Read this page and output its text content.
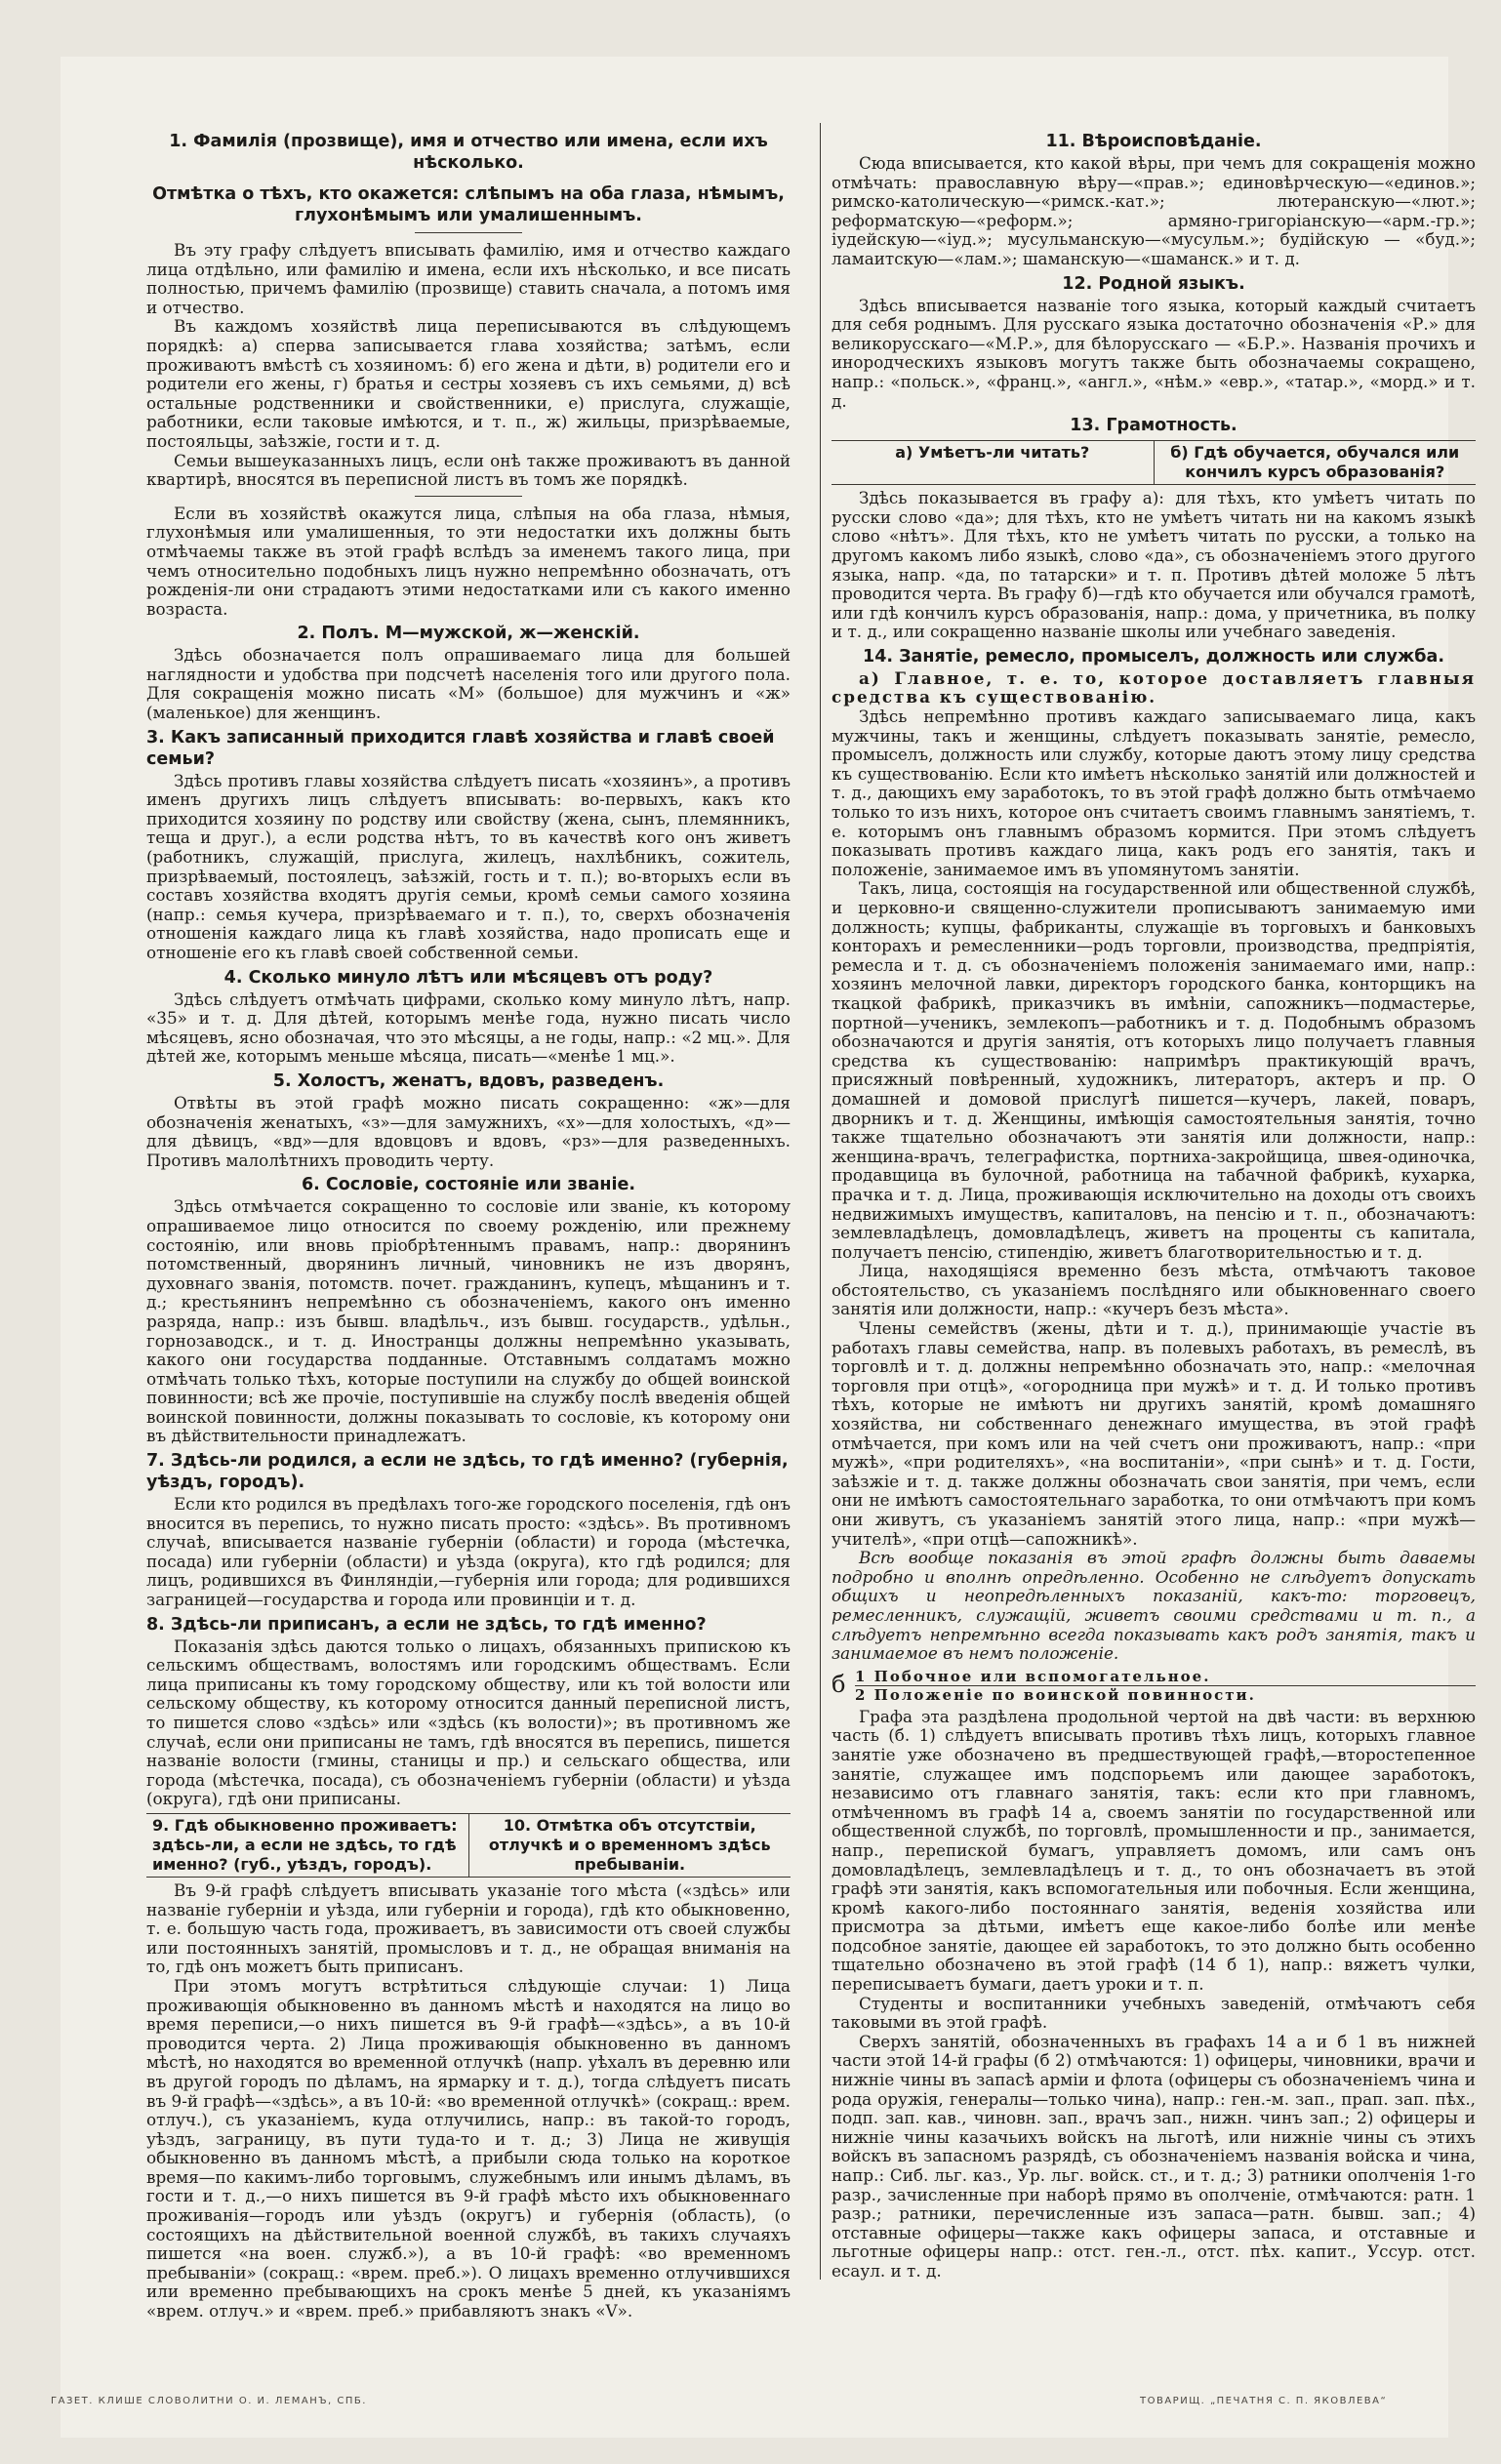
1. Фамилія (прозвище), имя и отчество или имена, если ихъ нѣсколько.
Отмѣтка о тѣхъ, кто окажется: слѣпымъ на оба глаза, нѣмымъ, глухонѣмымъ или умалишеннымъ.

Въ эту графу слѣдуетъ вписывать фамилію, имя и отчество каждаго лица отдѣльно, или фамилію и имена, если ихъ нѣсколько, и все писать полностью, причемъ фамилію (прозвище) ставить сначала, а потомъ имя и отчество.

Въ каждомъ хозяйствѣ лица переписываются въ слѣдующемъ порядкѣ: а) сперва записывается глава хозяйства; затѣмъ, если проживаютъ вмѣстѣ съ хозяиномъ: б) его жена и дѣти, в) родители его и родители его жены, г) братья и сестры хозяевъ съ ихъ семьями, д) всѣ остальные родственники и свойственники, е) прислуга, служащіе, работники, если таковые имѣются, и т. п., ж) жильцы, призрѣваемые, постояльцы, заѣзжіе, гости и т. д.

Семьи вышеуказанныхъ лицъ, если онѣ также проживаютъ въ данной квартирѣ, вносятся въ переписной листъ въ томъ же порядкѣ.

Если въ хозяйствѣ окажутся лица, слѣпыя на оба глаза, нѣмыя, глухонѣмыя или умалишенныя, то эти недостатки ихъ должны быть отмѣчаемы также въ этой графѣ вслѣдъ за именемъ такого лица, при чемъ относительно подобныхъ лицъ нужно непремѣнно обозначать, отъ рожденія-ли они страдаютъ этими недостатками или съ какого именно возраста.

2. Полъ. М—мужской, ж—женскій.

Здѣсь обозначается полъ опрашиваемаго лица для большей наглядности и удобства при подсчетѣ населенія того или другого пола. Для сокращенія можно писать «М» (большое) для мужчинъ и «ж» (маленькое) для женщинъ.

3. Какъ записанный приходится главѣ хозяйства и главѣ своей семьи?

Здѣсь противъ главы хозяйства слѣдуетъ писать «хозяинъ», а противъ именъ другихъ лицъ слѣдуетъ вписывать: во-первыхъ, какъ кто приходится хозяину по родству или свойству (жена, сынъ, племянникъ, теща и друг.), а если родства нѣтъ, то въ качествѣ кого онъ живетъ (работникъ, служащій, прислуга, жилецъ, нахлѣбникъ, сожитель, призрѣваемый, постоялецъ, заѣзжій, гость и т. п.); во-вторыхъ если въ составъ хозяйства входятъ другія семьи, кромѣ семьи самого хозяина (напр.: семья кучера, призрѣваемаго и т. п.), то, сверхъ обозначенія отношенія каждаго лица къ главѣ хозяйства, надо прописать еще и отношеніе его къ главѣ своей собственной семьи.

4. Сколько минуло лѣтъ или мѣсяцевъ отъ роду?

Здѣсь слѣдуетъ отмѣчать цифрами, сколько кому минуло лѣтъ, напр. «35» и т. д. Для дѣтей, которымъ менѣе года, нужно писать число мѣсяцевъ, ясно обозначая, что это мѣсяцы, а не годы, напр.: «2 мц.». Для дѣтей же, которымъ меньше мѣсяца, писать—«менѣе 1 мц.».

5. Холостъ, женатъ, вдовъ, разведенъ.

Отвѣты въ этой графѣ можно писать сокращенно: «ж»—для обозначенія женатыхъ, «з»—для замужнихъ, «х»—для холостыхъ, «д»—для дѣвицъ, «вд»—для вдовцовъ и вдовъ, «рз»—для разведенныхъ. Противъ малолѣтнихъ проводить черту.

6. Сословіе, состояніе или званіе.

Здѣсь отмѣчается сокращенно то сословіе или званіе, къ которому опрашиваемое лицо относится по своему рожденію, или прежнему состоянію, или вновь пріобрѣтеннымъ правамъ, напр.: дворянинъ потомственный, дворянинъ личный, чиновникъ не изъ дворянъ, духовнаго званія, потомств. почет. гражданинъ, купецъ, мѣщанинъ и т. д.; крестьянинъ непремѣнно съ обозначеніемъ, какого онъ именно разряда, напр.: изъ бывш. владѣльч., изъ бывш. государств., удѣльн., горнозаводск., и т. д. Иностранцы должны непремѣнно указывать, какого они государства подданные. Отставнымъ солдатамъ можно отмѣчать только тѣхъ, которые поступили на службу до общей воинской повинности; всѣ же прочіе, поступившіе на службу послѣ введенія общей воинской повинности, должны показывать то сословіе, къ которому они въ дѣйствительности принадлежатъ.

7. Здѣсь-ли родился, а если не здѣсь, то гдѣ именно? (губернія, уѣздъ, городъ).

Если кто родился въ предѣлахъ того-же городского поселенія, гдѣ онъ вносится въ перепись, то нужно писать просто: «здѣсь». Въ противномъ случаѣ, вписывается названіе губерніи (области) и города (мѣстечка, посада) или губерніи (области) и уѣзда (округа), кто гдѣ родился; для лицъ, родившихся въ Финляндіи,—губернія или города; для родившихся заграницей—государства и города или провинціи и т. д.

8. Здѣсь-ли приписанъ, а если не здѣсь, то гдѣ именно?

Показанія здѣсь даются только о лицахъ, обязанныхъ припискою къ сельскимъ обществамъ, волостямъ или городскимъ обществамъ. Если лица приписаны къ тому городскому обществу, или къ той волости или сельскому обществу, къ которому относится данный переписной листъ, то пишется слово «здѣсь» или «здѣсь (къ волости)»; въ противномъ же случаѣ, если они приписаны не тамъ, гдѣ вносятся въ перепись, пишется названіе волости (гмины, станицы и пр.) и сельскаго общества, или города (мѣстечка, посада), съ обозначеніемъ губерніи (области) и уѣзда (округа), гдѣ они приписаны.

9. Гдѣ обыкновенно проживаетъ: здѣсь-ли, а если не здѣсь, то гдѣ именно? (губ., уѣздъ, городъ).
10. Отмѣтка объ отсутствіи, отлучкѣ и о временномъ здѣсь пребываніи.

Въ 9-й графѣ слѣдуетъ вписывать указаніе того мѣста («здѣсь» или названіе губерніи и уѣзда, или губерніи и города), гдѣ кто обыкновенно, т. е. большую часть года, проживаетъ, въ зависимости отъ своей службы или постоянныхъ занятій, промысловъ и т. д., не обращая вниманія на то, гдѣ онъ можетъ быть приписанъ.

При этомъ могутъ встрѣтиться слѣдующіе случаи: 1) Лица проживающія обыкновенно въ данномъ мѣстѣ и находятся на лицо во время переписи,—о нихъ пишется въ 9-й графѣ—«здѣсь», а въ 10-й проводится черта. 2) Лица проживающія обыкновенно въ данномъ мѣстѣ, но находятся во временной отлучкѣ (напр. уѣхалъ въ деревню или въ другой городъ по дѣламъ, на ярмарку и т. д.), тогда слѣдуетъ писать въ 9-й графѣ—«здѣсь», а въ 10-й: «во временной отлучкѣ» (сокращ.: врем. отлуч.), съ указаніемъ, куда отлучились, напр.: въ такой-то городъ, уѣздъ, заграницу, въ пути туда-то и т. д.; 3) Лица не живущія обыкновенно въ данномъ мѣстѣ, а прибыли сюда только на короткое время—по какимъ-либо торговымъ, служебнымъ или инымъ дѣламъ, въ гости и т. д.,—о нихъ пишется въ 9-й графѣ мѣсто ихъ обыкновеннаго проживанія—городъ или уѣздъ (округъ) и губернія (область), (о состоящихъ на дѣйствительной военной службѣ, въ такихъ случаяхъ пишется «на воен. служб.»), а въ 10-й графѣ: «во временномъ пребываніи» (сокращ.: «врем. преб.»). О лицахъ временно отлучившихся или временно пребывающихъ на срокъ менѣе 5 дней, къ указаніямъ «врем. отлуч.» и «врем. преб.» прибавляютъ знакъ «V».

11. Вѣроисповѣданіе.

Сюда вписывается, кто какой вѣры, при чемъ для сокращенія можно отмѣчать: православную вѣру—«прав.»; единовѣрческую—«единов.»; римско-католическую—«римск.-кат.»; лютеранскую—«лют.»; реформатскую—«реформ.»; армяно-григоріанскую—«арм.-гр.»; іудейскую—«іуд.»; мусульманскую—«мусульм.»; будійскую — «буд.»; ламаитскую—«лам.»; шаманскую—«шаманск.» и т. д.

12. Родной языкъ.

Здѣсь вписывается названіе того языка, который каждый считаетъ для себя роднымъ. Для русскаго языка достаточно обозначенія «Р.» для великорусскаго—«М.Р.», для бѣлорусскаго — «Б.Р.». Названія прочихъ и инородческихъ языковъ могутъ также быть обозначаемы сокращено, напр.: «польск.», «франц.», «англ.», «нѣм.» «евр.», «татар.», «морд.» и т. д.

13. Грамотность.
а) Умѣетъ-ли читать?	б) Гдѣ обучается, обучался или кончилъ курсъ образованія?

Здѣсь показывается въ графу а): для тѣхъ, кто умѣетъ читать по русски слово «да»; для тѣхъ, кто не умѣетъ читать ни на какомъ языкѣ слово «нѣтъ». Для тѣхъ, кто не умѣетъ читать по русски, а только на другомъ какомъ либо языкѣ, слово «да», съ обозначеніемъ этого другого языка, напр. «да, по татарски» и т. п. Противъ дѣтей моложе 5 лѣтъ проводится черта. Въ графу б)—гдѣ кто обучается или обучался грамотѣ, или гдѣ кончилъ курсъ образованія, напр.: дома, у причетника, въ полку и т. д., или сокращенно названіе школы или учебнаго заведенія.

14. Занятіе, ремесло, промыселъ, должность или служба.

а) Главное, т. е. то, которое доставляетъ главныя средства къ существованію.

Здѣсь непремѣнно противъ каждаго записываемаго лица, какъ мужчины, такъ и женщины, слѣдуетъ показывать занятіе, ремесло, промыселъ, должность или службу, которые даютъ этому лицу средства къ существованію. Если кто имѣетъ нѣсколько занятій или должностей и т. д., дающихъ ему заработокъ, то въ этой графѣ должно быть отмѣчаемо только то изъ нихъ, которое онъ считаетъ своимъ главнымъ занятіемъ, т. е. которымъ онъ главнымъ образомъ кормится. При этомъ слѣдуетъ показывать противъ каждаго лица, какъ родъ его занятія, такъ и положеніе, занимаемое имъ въ упомянутомъ занятіи.

Такъ, лица, состоящія на государственной или общественной службѣ, и церковно-и священно-служители прописываютъ занимаемую ими должность; купцы, фабриканты, служащіе въ торговыхъ и банковыхъ конторахъ и ремесленники—родъ торговли, производства, предпріятія, ремесла и т. д. съ обозначеніемъ положенія занимаемаго ими, напр.: хозяинъ мелочной лавки, директоръ городского банка, конторщикъ на ткацкой фабрикѣ, приказчикъ въ имѣніи, сапожникъ—подмастерье, портной—ученикъ, землекопъ—работникъ и т. д. Подобнымъ образомъ обозначаются и другія занятія, отъ которыхъ лицо получаетъ главныя средства къ существованію: напримѣръ практикующій врачъ, присяжный повѣренный, художникъ, литераторъ, актеръ и пр. О домашней и домовой прислугѣ пишется—кучеръ, лакей, поваръ, дворникъ и т. д. Женщины, имѣющія самостоятельныя занятія, точно также тщательно обозначаютъ эти занятія или должности, напр.: женщина-врачъ, телеграфистка, портниха-закройщица, швея-одиночка, продавщица въ булочной, работница на табачной фабрикѣ, кухарка, прачка и т. д. Лица, проживающія исключительно на доходы отъ своихъ недвижимыхъ имуществъ, капиталовъ, на пенсію и т. п., обозначаютъ: землевладѣлецъ, домовладѣлецъ, живетъ на проценты съ капитала, получаетъ пенсію, стипендію, живетъ благотворительностью и т. д.

Лица, находящіяся временно безъ мѣста, отмѣчаютъ таковое обстоятельство, съ указаніемъ послѣдняго или обыкновеннаго своего занятія или должности, напр.: «кучеръ безъ мѣста».

Члены семействъ (жены, дѣти и т. д.), принимающіе участіе въ работахъ главы семейства, напр. въ полевыхъ работахъ, въ ремеслѣ, въ торговлѣ и т. д. должны непремѣнно обозначать это, напр.: «мелочная торговля при отцѣ», «огородница при мужѣ» и т. д. И только противъ тѣхъ, которые не имѣютъ ни другихъ занятій, кромѣ домашняго хозяйства, ни собственнаго денежнаго имущества, въ этой графѣ отмѣчается, при комъ или на чей счетъ они проживаютъ, напр.: «при мужѣ», «при родителяхъ», «на воспитаніи», «при сынѣ» и т. д. Гости, заѣзжіе и т. д. также должны обозначать свои занятія, при чемъ, если они не имѣютъ самостоятельнаго заработка, то они отмѣчаютъ при комъ они живутъ, съ указаніемъ занятій этого лица, напр.: «при мужѣ—учителѣ», «при отцѣ—сапожникѣ».

Всѣ вообще показанія въ этой графѣ должны быть даваемы подробно и вполнѣ опредѣленно. Особенно не слѣдуетъ допускать общихъ и неопредѣленныхъ показаній, какъ-то: торговецъ, ремесленникъ, служащій, живетъ своими средствами и т. п., а слѣдуетъ непремѣнно всегда показывать какъ родъ занятія, такъ и занимаемое въ немъ положеніе.

б 1 Побочное или вспомогательное.
2 Положеніе по воинской повинности.

Графа эта раздѣлена продольной чертой на двѣ части: въ верхнюю часть (б. 1) слѣдуетъ вписывать противъ тѣхъ лицъ, которыхъ главное занятіе уже обозначено въ предшествующей графѣ,—второстепенное занятіе, служащее имъ подспорьемъ или дающее заработокъ, независимо отъ главнаго занятія, такъ: если кто при главномъ, отмѣченномъ въ графѣ 14 а, своемъ занятіи по государственной или общественной службѣ, по торговлѣ, промышленности и пр., занимается, напр., перепиской бумагъ, управляетъ домомъ, или самъ онъ домовладѣлецъ, землевладѣлецъ и т. д., то онъ обозначаетъ въ этой графѣ эти занятія, какъ вспомогательныя или побочныя. Если женщина, кромѣ какого-либо постояннаго занятія, веденія хозяйства или присмотра за дѣтьми, имѣетъ еще какое-либо болѣе или менѣе подсобное занятіе, дающее ей заработокъ, то это должно быть особенно тщательно обозначено въ этой графѣ (14 б 1), напр.: вяжетъ чулки, переписываетъ бумаги, даетъ уроки и т. п.

Студенты и воспитанники учебныхъ заведеній, отмѣчаютъ себя таковыми въ этой графѣ.

Сверхъ занятій, обозначенныхъ въ графахъ 14 а и б 1 въ нижней части этой 14-й графы (б 2) отмѣчаются: 1) офицеры, чиновники, врачи и нижніе чины въ запасѣ арміи и флота (офицеры съ обозначеніемъ чина и рода оружія, генералы—только чина), напр.: ген.-м. зап., прап. зап. пѣх., подп. зап. кав., чиновн. зап., врачъ зап., нижн. чинъ зап.; 2) офицеры и нижніе чины казачьихъ войскъ на льготѣ, или нижніе чины съ этихъ войскъ въ запасномъ разрядѣ, съ обозначеніемъ названія войска и чина, напр.: Сиб. льг. каз., Ур. льг. войск. ст., и т. д.; 3) ратники ополченія 1-го разр., зачисленные при наборѣ прямо въ ополченіе, отмѣчаются: ратн. 1 разр.; ратники, перечисленные изъ запаса—ратн. бывш. зап.; 4) отставные офицеры—также какъ офицеры запаса, и отставные и льготные офицеры напр.: отст. ген.-л., отст. пѣх. капит., Уссур. отст. есаул. и т. д.

ГАЗЕТ. КЛИШЕ СЛОВОЛИТНИ О. И. ЛЕМАНЪ, СПБ.	ТОВАРИЩ. „ПЕЧАТНЯ С. П. ЯКОВЛЕВА“
